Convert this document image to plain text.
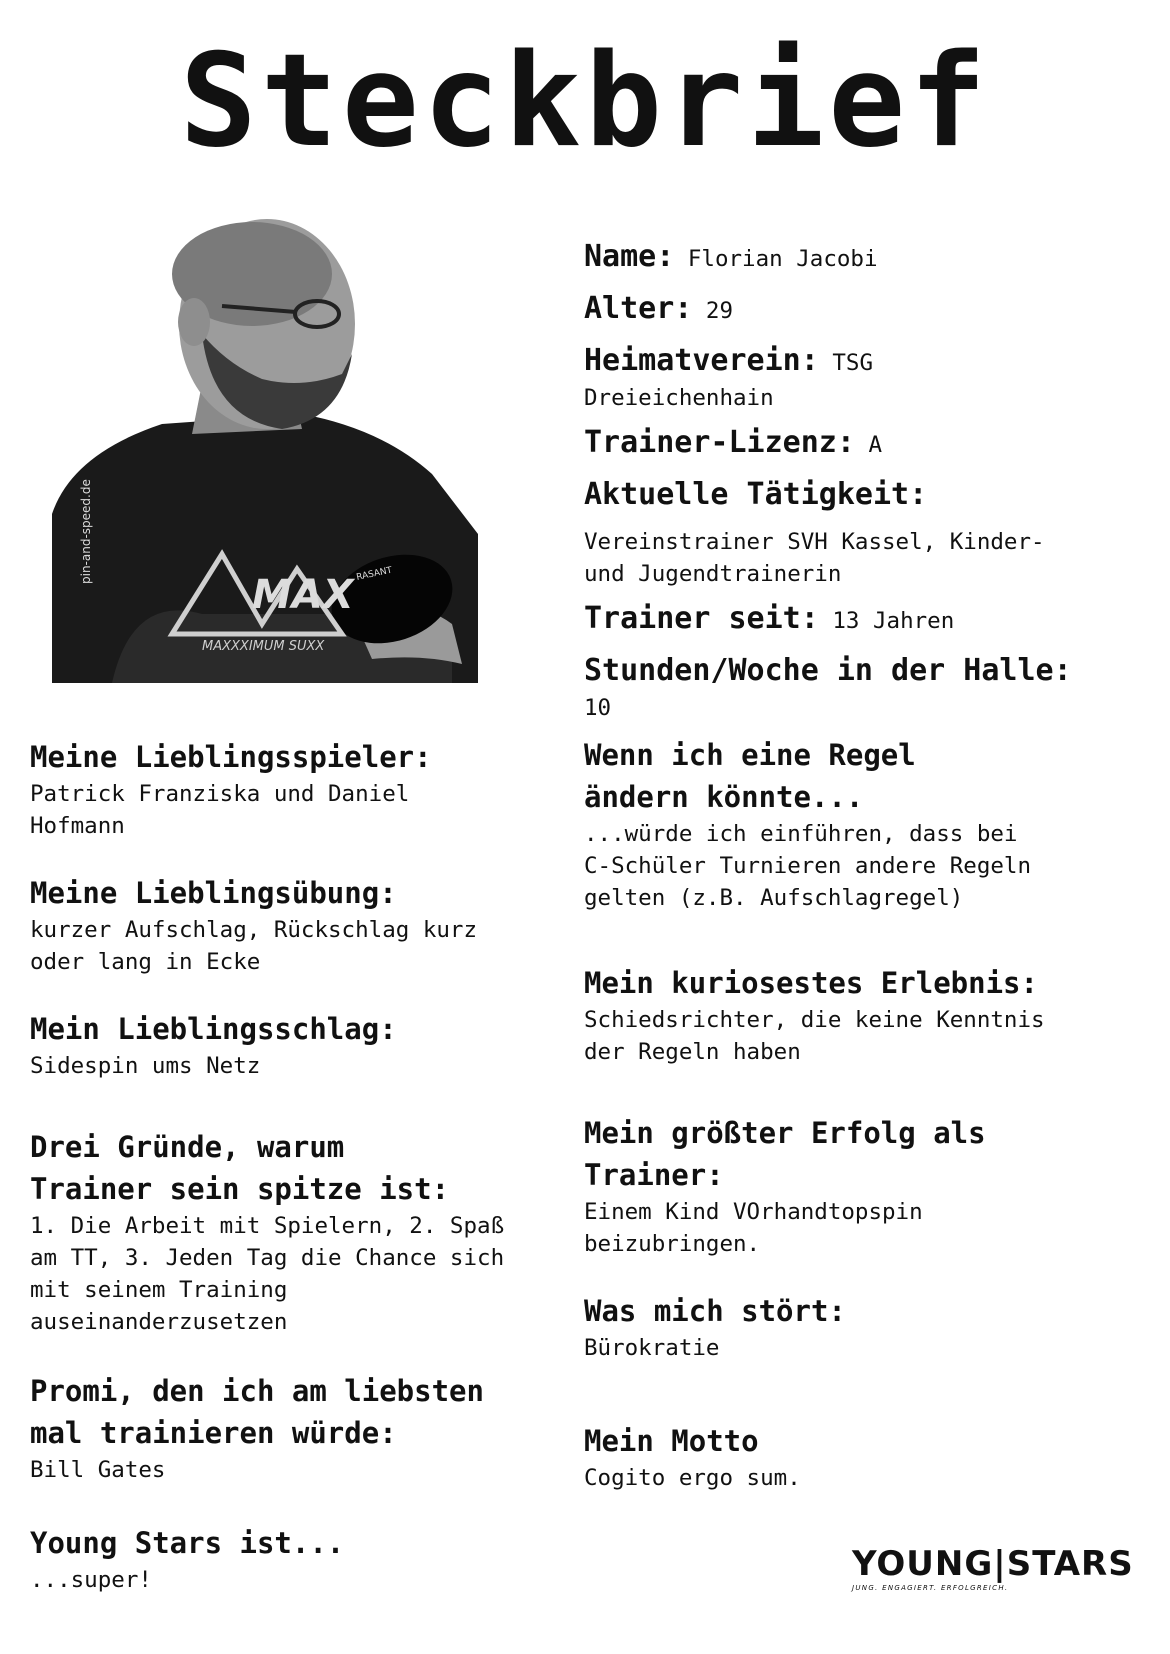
Steckbrief
MAX
MAXXXIMUM SUXX
RASANT
pin-and-speed.de
Name: Florian Jacobi
Alter: 29
Heimatverein: TSG
Dreieichenhain
Trainer-Lizenz: A
Aktuelle Tätigkeit:
Vereinstrainer SVH Kassel, Kinder-
und Jugendtrainerin
Trainer seit: 13 Jahren
Stunden/Woche in der Halle:
10

Meine Lieblingsspieler:

Patrick Franziska und Daniel
Hofmann

Meine Lieblingsübung:

kurzer Aufschlag, Rückschlag kurz
oder lang in Ecke

Mein Lieblingsschlag:

Sidespin ums Netz

Drei Gründe, warum
Trainer sein spitze ist:

1. Die Arbeit mit Spielern, 2. Spaß
am TT, 3. Jeden Tag die Chance sich
mit seinem Training
auseinanderzusetzen

Promi, den ich am liebsten
mal trainieren würde:

Bill Gates

Young Stars ist...

...super!

Wenn ich eine Regel
ändern könnte...

...würde ich einführen, dass bei
C-Schüler Turnieren andere Regeln
gelten (z.B. Aufschlagregel)

Mein kuriosestes Erlebnis:

Schiedsrichter, die keine Kenntnis
der Regeln haben

Mein größter Erfolg als
Trainer:

Einem Kind VOrhandtopspin
beizubringen.

Was mich stört:

Bürokratie

Mein Motto

Cogito ergo sum.

YOUNG|STARS
JUNG. ENGAGIERT. ERFOLGREICH.
